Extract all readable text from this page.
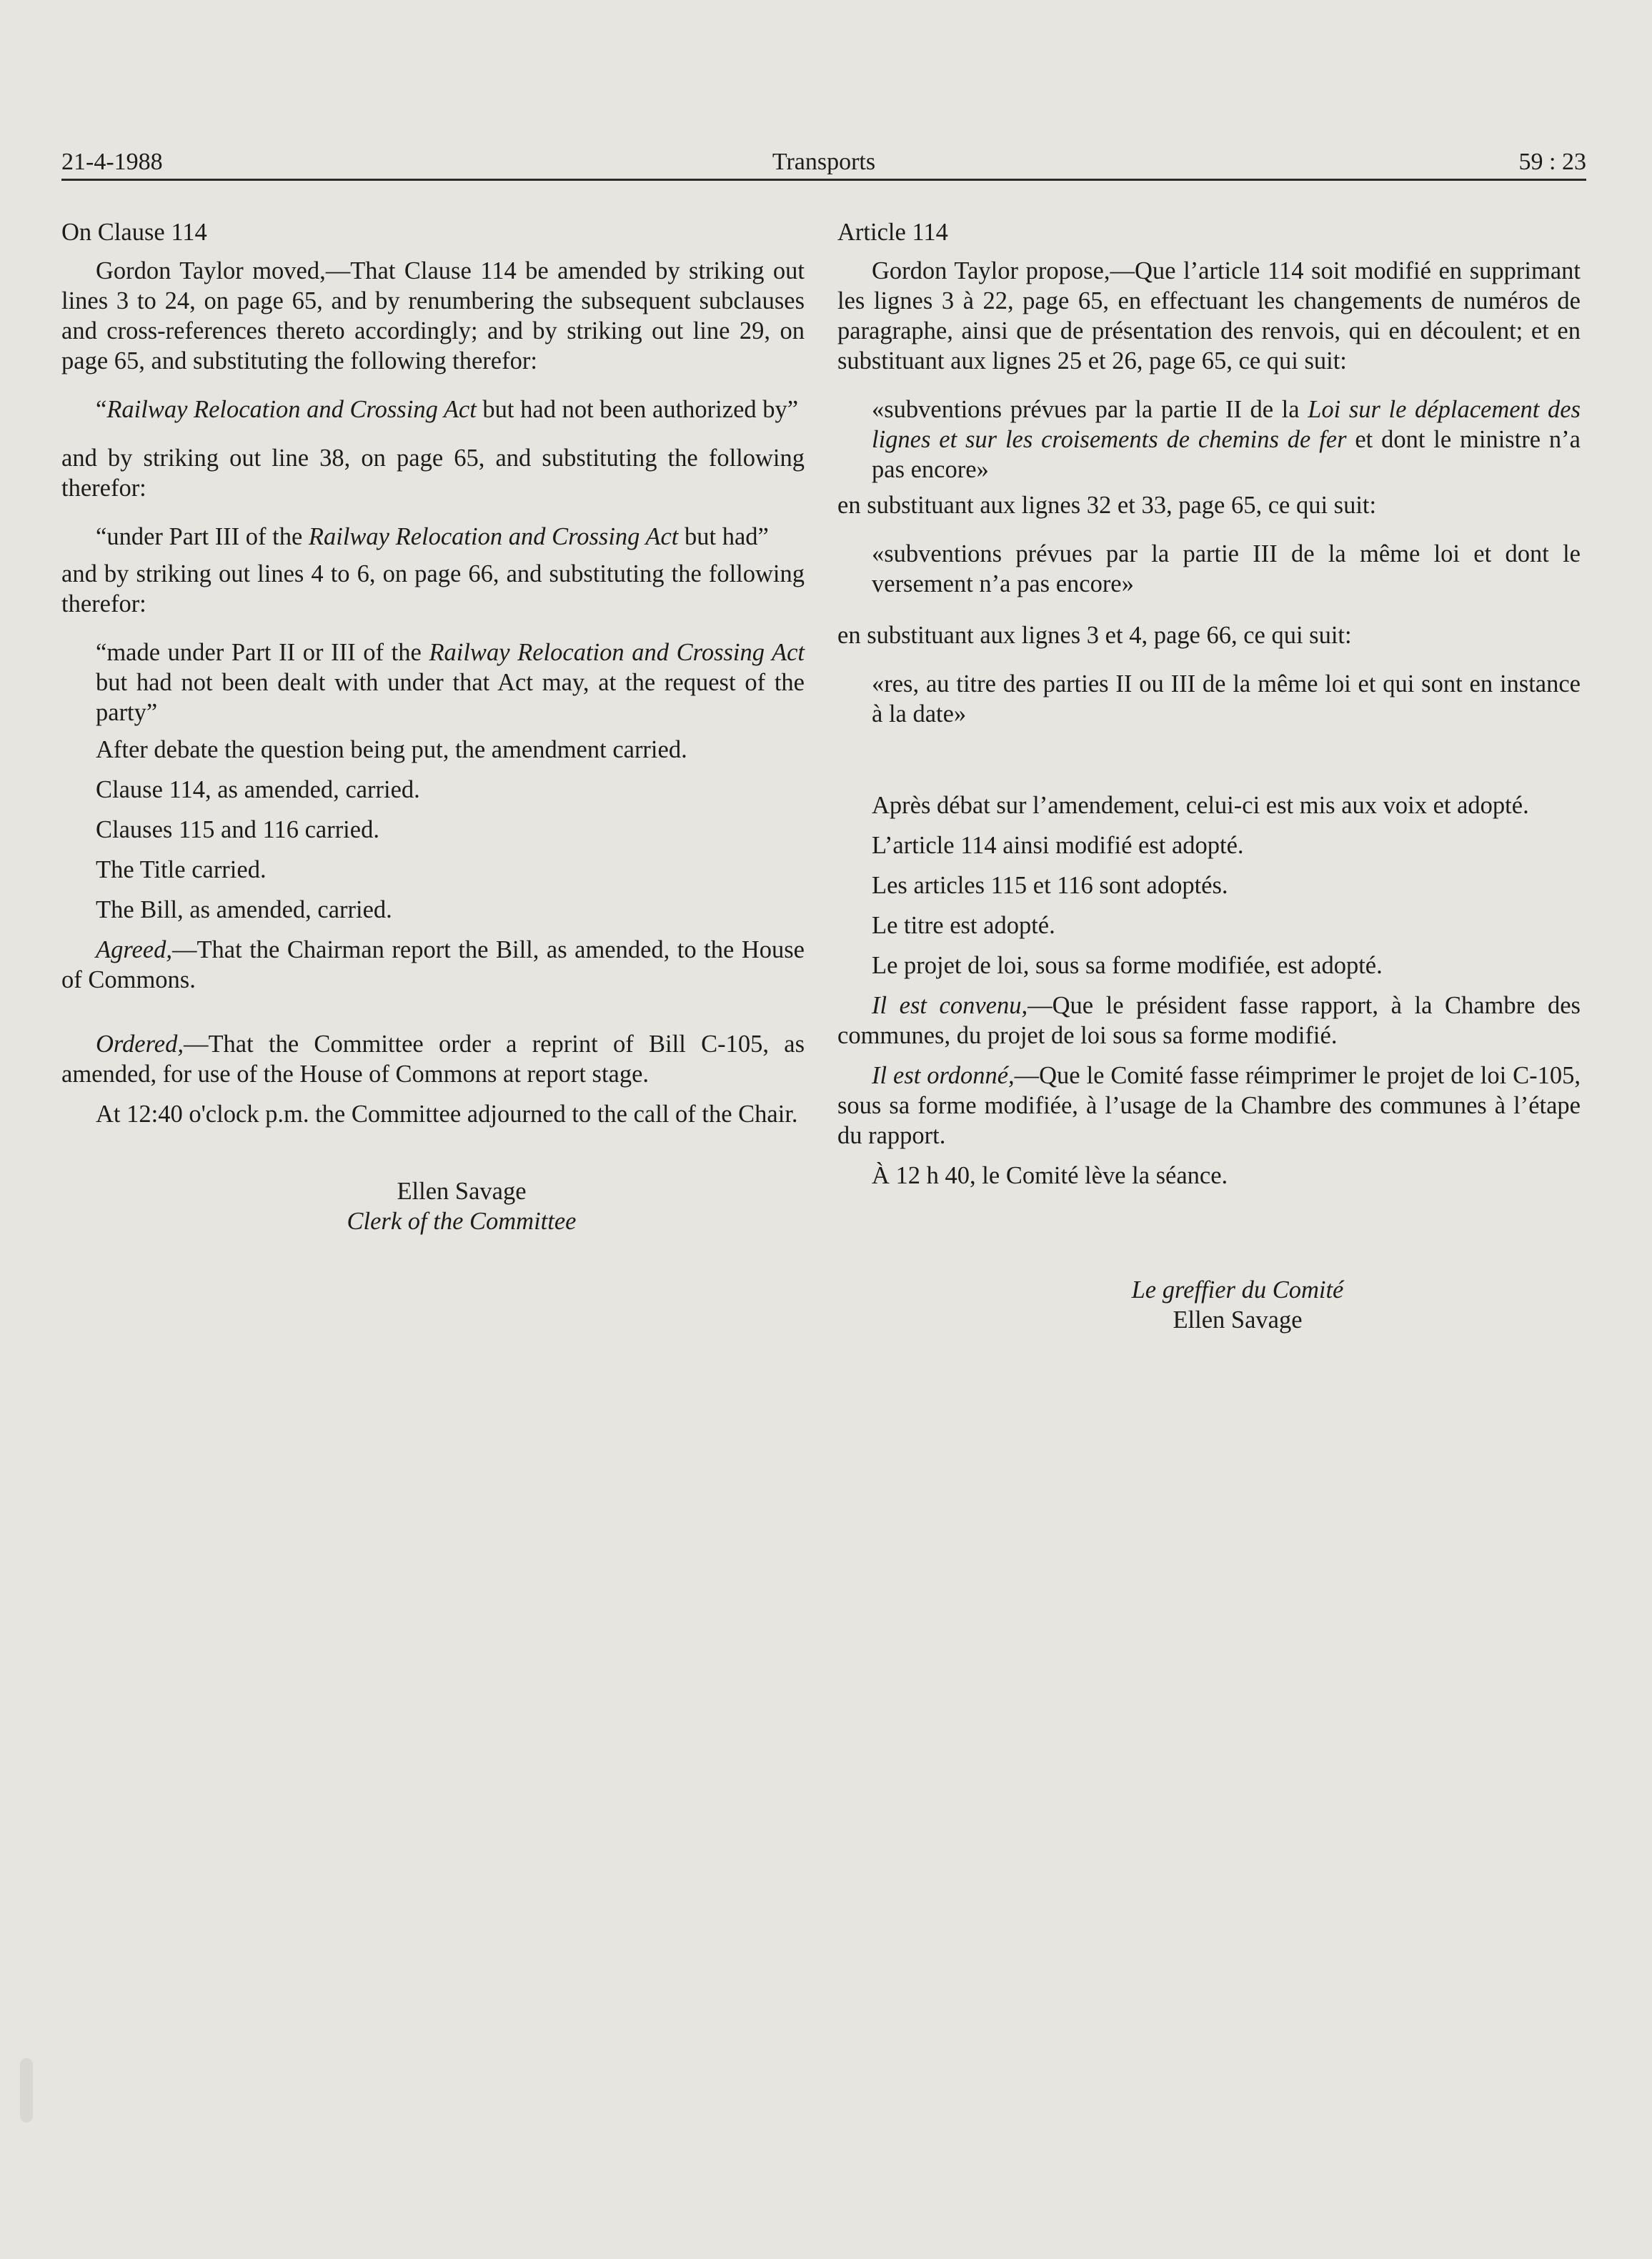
21-4-1988	Transports	59 : 23

On Clause 114

Gordon Taylor moved,—That Clause 114 be amended by striking out lines 3 to 24, on page 65, and by renumbering the subsequent subclauses and cross-references thereto accordingly; and by striking out line 29, on page 65, and substituting the following therefor:

“Railway Relocation and Crossing Act but had not been authorized by”

and by striking out line 38, on page 65, and substituting the following therefor:

“under Part III of the Railway Relocation and Crossing Act but had”

and by striking out lines 4 to 6, on page 66, and substituting the following therefor:

“made under Part II or III of the Railway Relocation and Crossing Act but had not been dealt with under that Act may, at the request of the party”

After debate the question being put, the amendment carried.

Clause 114, as amended, carried.

Clauses 115 and 116 carried.

The Title carried.

The Bill, as amended, carried.

Agreed,—That the Chairman report the Bill, as amended, to the House of Commons.

Ordered,—That the Committee order a reprint of Bill C-105, as amended, for use of the House of Commons at report stage.

At 12:40 o'clock p.m. the Committee adjourned to the call of the Chair.

Ellen Savage

Clerk of the Committee

Article 114

Gordon Taylor propose,—Que l’article 114 soit modifié en supprimant les lignes 3 à 22, page 65, en effectuant les changements de numéros de paragraphe, ainsi que de présentation des renvois, qui en découlent; et en substituant aux lignes 25 et 26, page 65, ce qui suit:

«subventions prévues par la partie II de la Loi sur le déplacement des lignes et sur les croisements de chemins de fer et dont le ministre n’a pas encore»

en substituant aux lignes 32 et 33, page 65, ce qui suit:

«subventions prévues par la partie III de la même loi et dont le versement n’a pas encore»

en substituant aux lignes 3 et 4, page 66, ce qui suit:

«res, au titre des parties II ou III de la même loi et qui sont en instance à la date»

Après débat sur l’amendement, celui-ci est mis aux voix et adopté.

L’article 114 ainsi modifié est adopté.

Les articles 115 et 116 sont adoptés.

Le titre est adopté.

Le projet de loi, sous sa forme modifiée, est adopté.

Il est convenu,—Que le président fasse rapport, à la Chambre des communes, du projet de loi sous sa forme modifié.

Il est ordonné,—Que le Comité fasse réimprimer le projet de loi C-105, sous sa forme modifiée, à l’usage de la Chambre des communes à l’étape du rapport.

À 12 h 40, le Comité lève la séance.

Le greffier du Comité

Ellen Savage
